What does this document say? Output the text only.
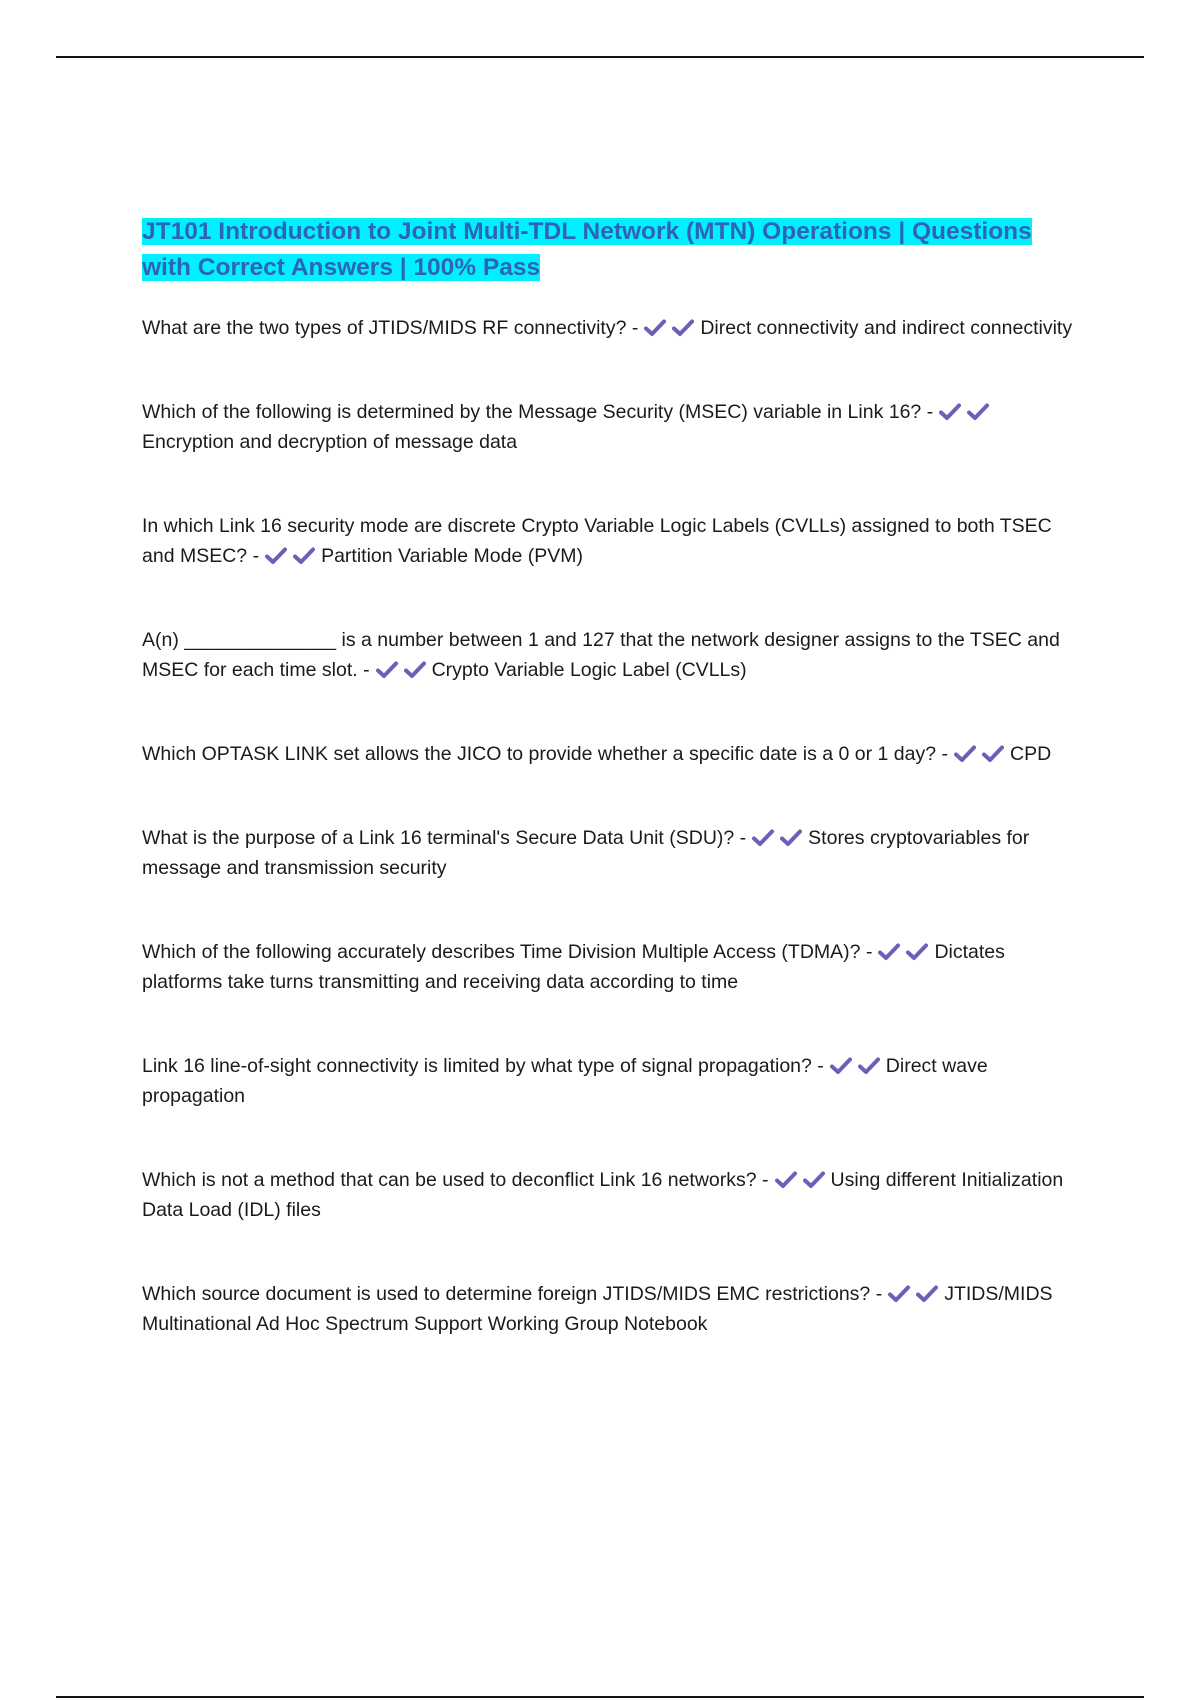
JT101 Introduction to Joint Multi-TDL Network (MTN) Operations | Questions with Correct Answers | 100% Pass

What are the two types of JTIDS/MIDS RF connectivity? -	Direct connectivity and indirect connectivity

Which of the following is determined by the Message Security (MSEC) variable in Link 16? -
Encryption and decryption of message data

In which Link 16 security mode are discrete Crypto Variable Logic Labels (CVLLs) assigned to both TSEC and MSEC? -	Partition Variable Mode (PVM)

A(n) ______________ is a number between 1 and 127 that the network designer assigns to the TSEC and MSEC for each time slot. -	Crypto Variable Logic Label (CVLLs)

Which OPTASK LINK set allows the JICO to provide whether a specific date is a 0 or 1 day? -	CPD

What is the purpose of a Link 16 terminal's Secure Data Unit (SDU)? -	Stores cryptovariables for message and transmission security

Which of the following accurately describes Time Division Multiple Access (TDMA)? -	Dictates platforms take turns transmitting and receiving data according to time

Link 16 line-of-sight connectivity is limited by what type of signal propagation? -	Direct wave propagation

Which is not a method that can be used to deconflict Link 16 networks? -	Using different Initialization Data Load (IDL) files

Which source document is used to determine foreign JTIDS/MIDS EMC restrictions? -	JTIDS/MIDS Multinational Ad Hoc Spectrum Support Working Group Notebook
